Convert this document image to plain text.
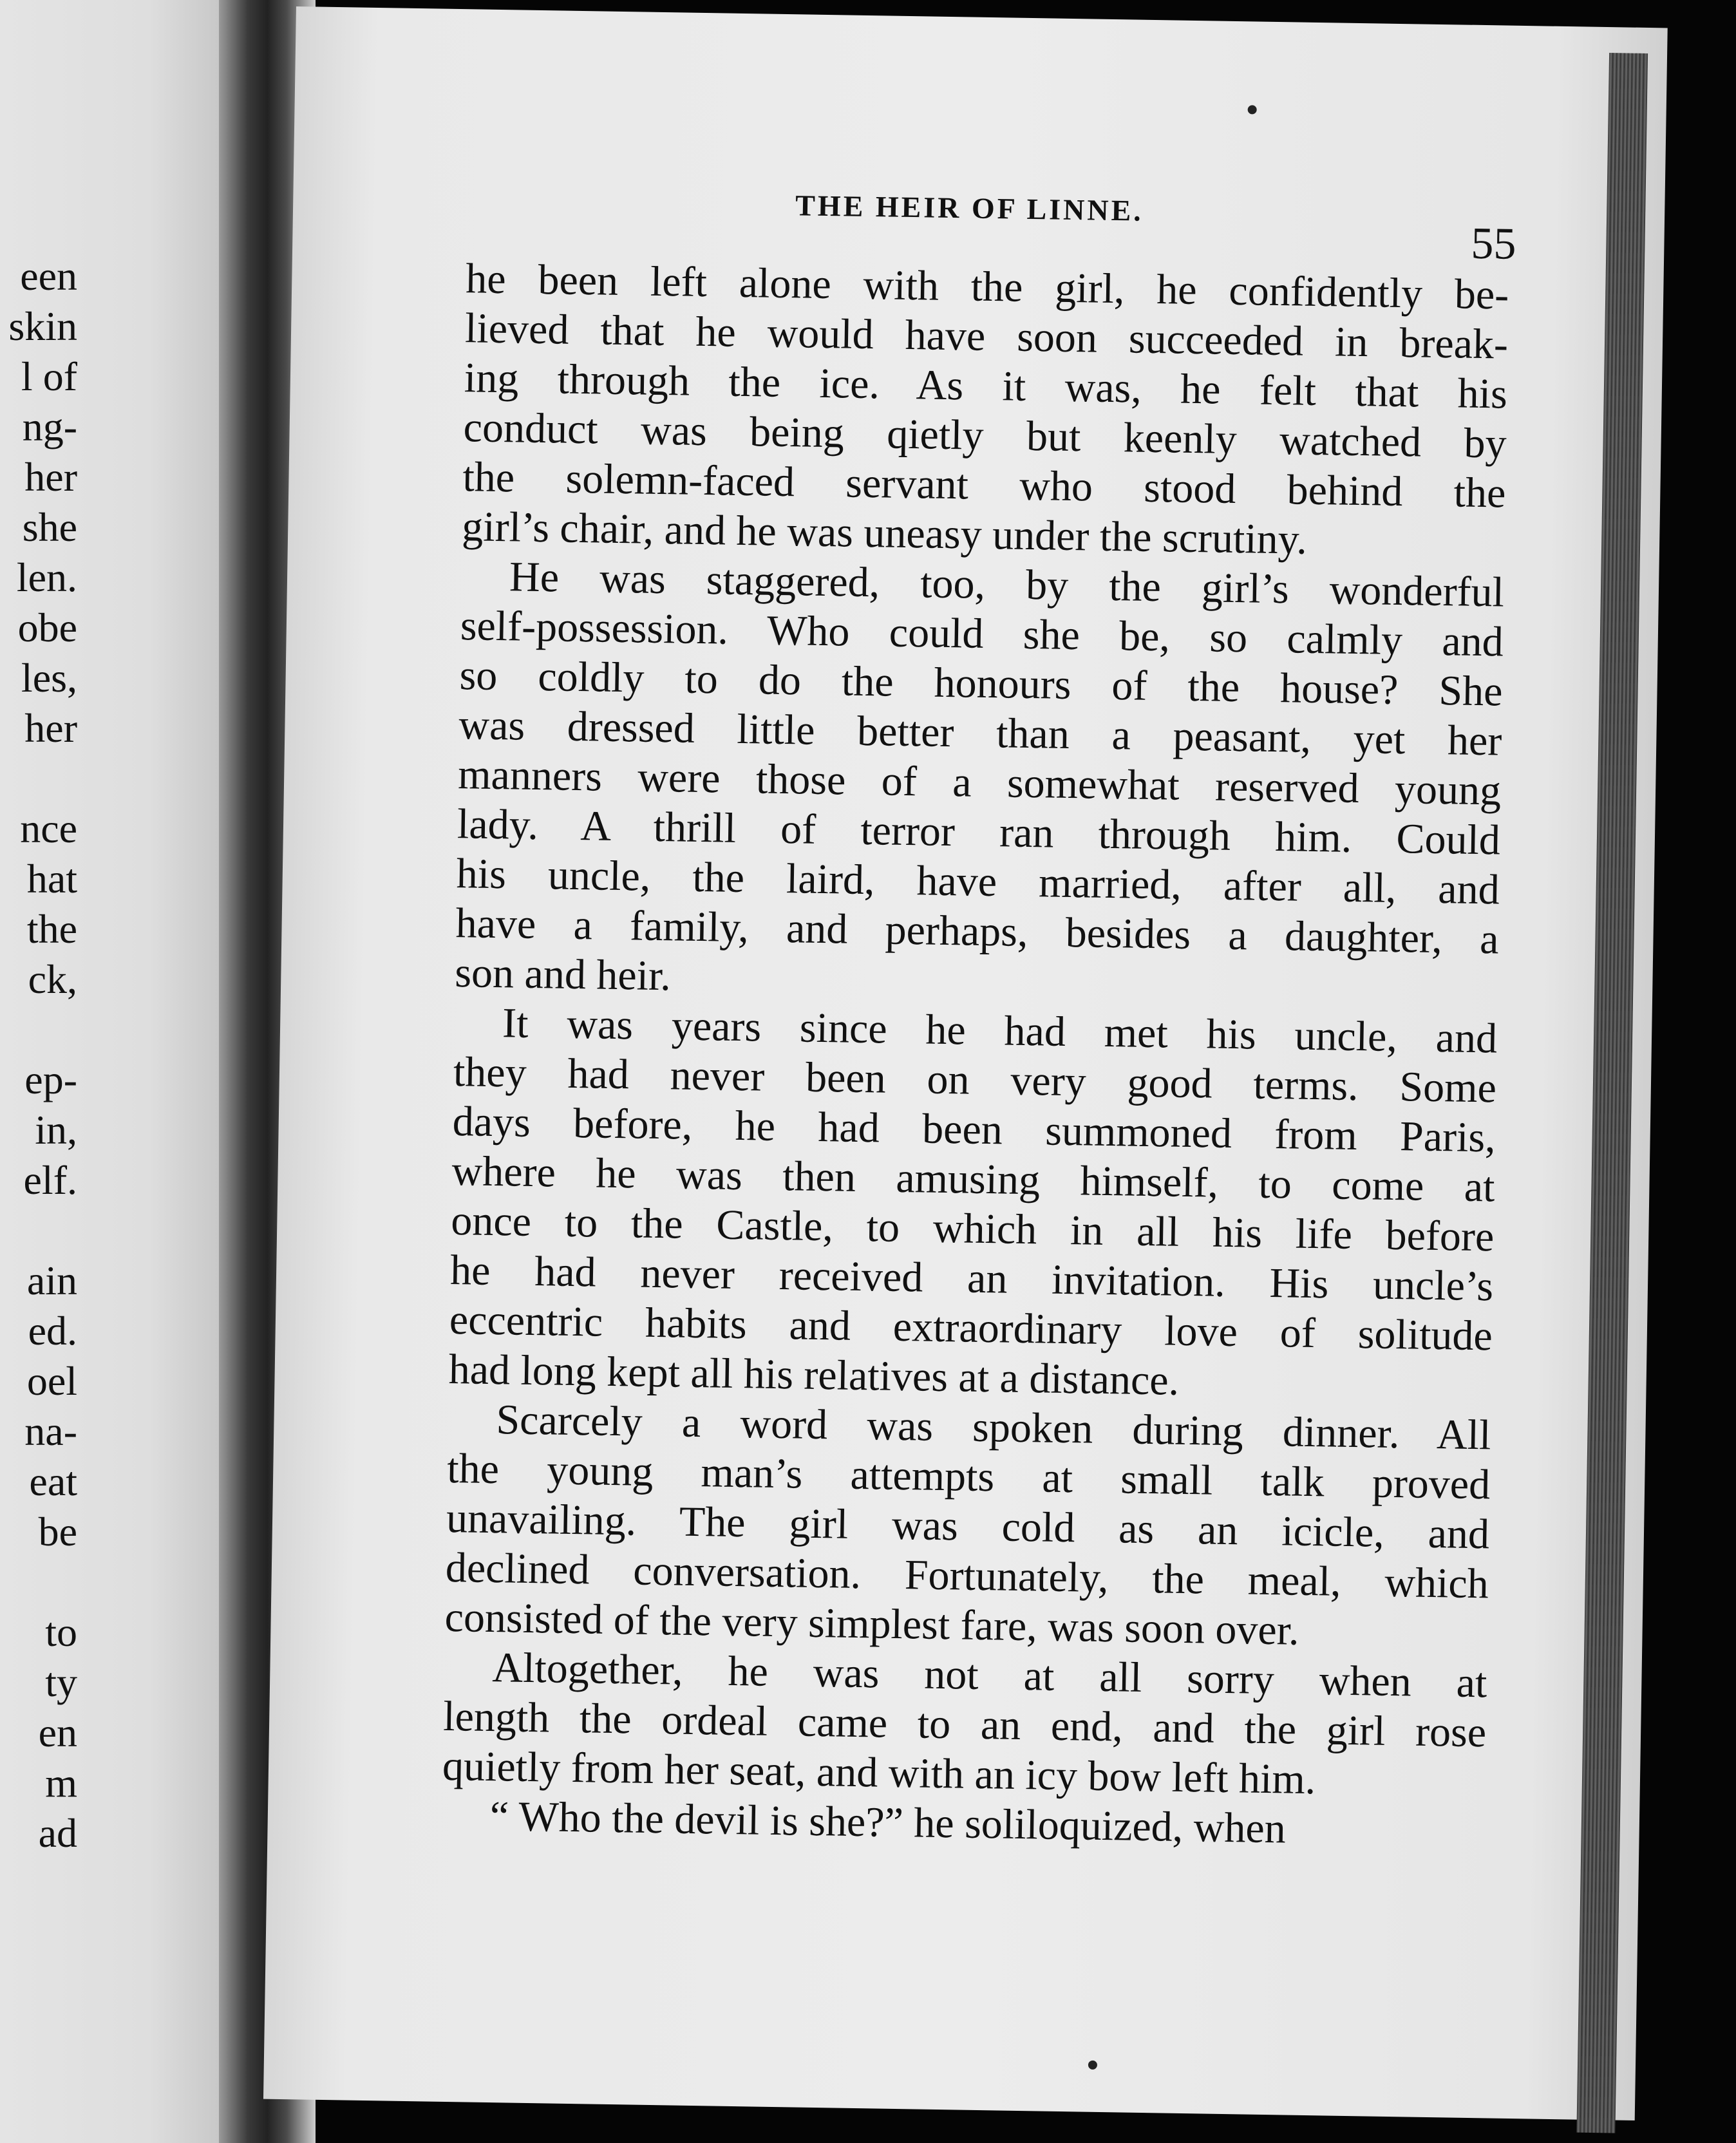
een
skin
l of
ng-
her
she
len.
obe
les,
her
nce
hat
the
ck,
ep-
in,
elf.
ain
ed.
oel
na-
eat
be
to
ty
en
m
ad
THE HEIR OF LINNE.
55
he been left alone with the girl, he confidently be-
lieved that he would have soon succeeded in break-
ing through the ice. As it was, he felt that his
conduct was being qietly but keenly watched by
the solemn-faced servant who stood behind the
girl’s chair, and he was uneasy under the scrutiny.
He was staggered, too, by the girl’s wonderful
self-possession. Who could she be, so calmly and
so coldly to do the honours of the house? She
was dressed little better than a peasant, yet her
manners were those of a somewhat reserved young
lady. A thrill of terror ran through him. Could
his uncle, the laird, have married, after all, and
have a family, and perhaps, besides a daughter, a
son and heir.
It was years since he had met his uncle, and
they had never been on very good terms. Some
days before, he had been summoned from Paris,
where he was then amusing himself, to come at
once to the Castle, to which in all his life before
he had never received an invitation. His uncle’s
eccentric habits and extraordinary love of solitude
had long kept all his relatives at a distance.
Scarcely a word was spoken during dinner. All
the young man’s attempts at small talk proved
unavailing. The girl was cold as an icicle, and
declined conversation. Fortunately, the meal, which
consisted of the very simplest fare, was soon over.
Altogether, he was not at all sorry when at
length the ordeal came to an end, and the girl rose
quietly from her seat, and with an icy bow left him.
“ Who the devil is she?” he soliloquized, when
